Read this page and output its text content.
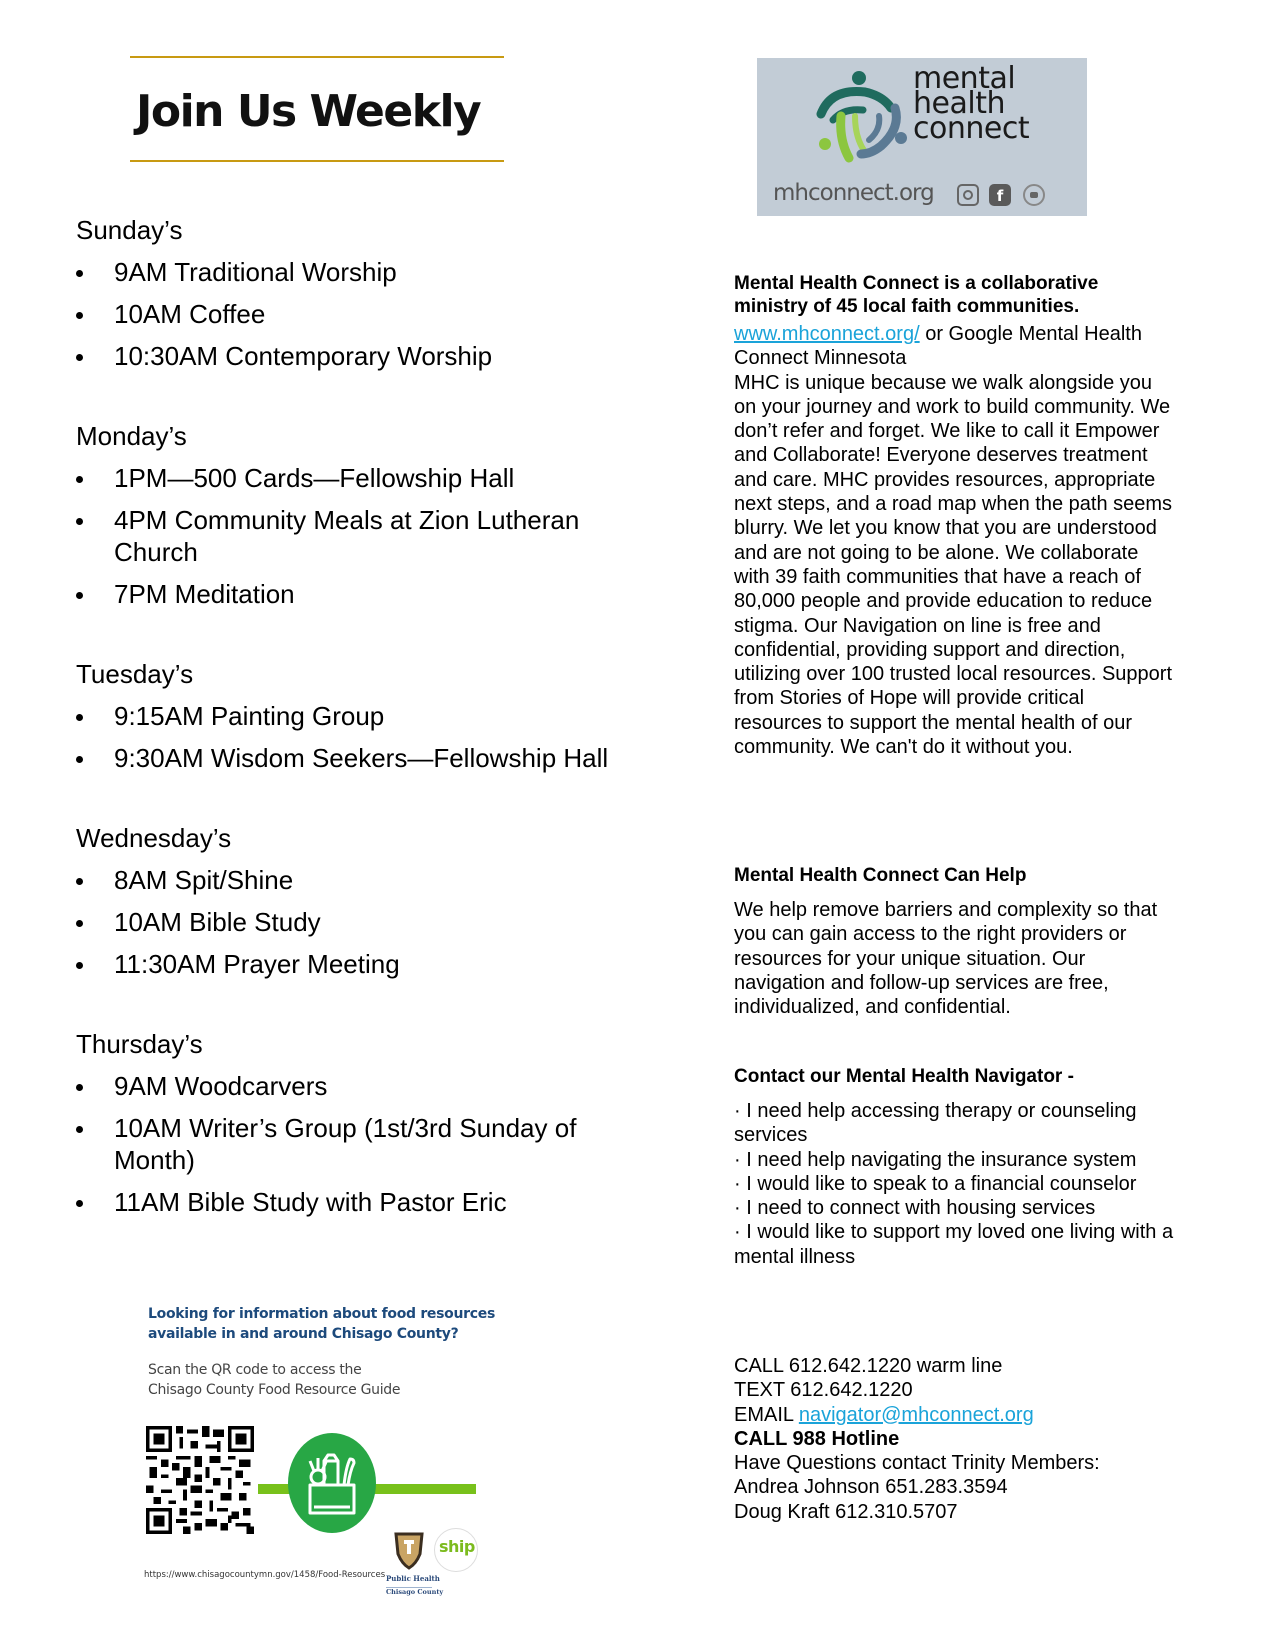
Join Us Weekly
Sunday’s
9AM Traditional Worship
10AM Coffee
10:30AM Contemporary Worship
Monday’s
1PM—500 Cards—Fellowship Hall
4PM Community Meals at Zion Lutheran Church
7PM Meditation
Tuesday’s
9:15AM Painting Group
9:30AM Wisdom Seekers—Fellowship Hall
Wednesday’s
8AM Spit/Shine
10AM Bible Study
11:30AM Prayer Meeting
Thursday’s
9AM Woodcarvers
10AM Writer’s Group (1st/3rd Sunday of Month)
11AM Bible Study with Pastor Eric
Looking for information about food resources
available in and around Chisago County?
Scan the QR code to access the
Chisago County Food Resource Guide
https://www.chisagocountymn.gov/1458/Food-Resources Public Health
Chisago County
ship
mental
health
connect
mhconnect.org	f
Mental Health Connect is a collaborative ministry of 45 local faith communities.

www.mhconnect.org/ or Google Mental Health Connect Minnesota

MHC is unique because we walk alongside you on your journey and work to build community. We don’t refer and forget. We like to call it Empower and Collaborate! Everyone deserves treatment and care. MHC provides resources, appropriate next steps, and a road map when the path seems blurry. We let you know that you are understood and are not going to be alone. We collaborate with 39 faith communities that have a reach of 80,000 people and provide education to reduce stigma. Our Navigation on line is free and confidential, providing support and direction, utilizing over 100 trusted local resources. Support from Stories of Hope will provide critical resources to support the mental health of our community. We can't do it without you.

Mental Health Connect Can Help
We help remove barriers and complexity so that you can gain access to the right providers or resources for your unique situation. Our navigation and follow-up services are free, individualized, and confidential.
Contact our Mental Health Navigator -

· I need help accessing therapy or counseling services

· I need help navigating the insurance system

· I would like to speak to a financial counselor

· I need to connect with housing services

· I would like to support my loved one living with a mental illness

CALL 612.642.1220 warm line

TEXT 612.642.1220

EMAIL navigator@mhconnect.org

CALL 988 Hotline

Have Questions contact Trinity Members:

Andrea Johnson 651.283.3594

Doug Kraft 612.310.5707
